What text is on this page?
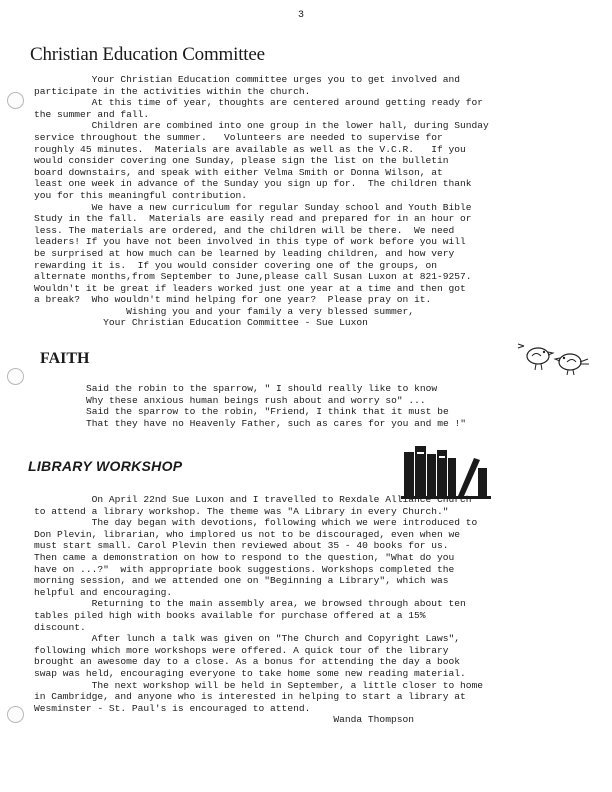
3
Christian Education Committee
Your Christian Education committee urges you to get involved and
participate in the activities within the church.
At this time of year, thoughts are centered around getting ready for
the summer and fall.
Children are combined into one group in the lower hall, during Sunday
service throughout the summer.   Volunteers are needed to supervise for
roughly 45 minutes.  Materials are available as well as the V.C.R.   If you
would consider covering one Sunday, please sign the list on the bulletin
board downstairs, and speak with either Velma Smith or Donna Wilson, at
least one week in advance of the Sunday you sign up for.  The children thank
you for this meaningful contribution.
We have a new curriculum for regular Sunday school and Youth Bible
Study in the fall.  Materials are easily read and prepared for in an hour or
less. The materials are ordered, and the children will be there.  We need
leaders! If you have not been involved in this type of work before you will
be surprised at how much can be learned by leading children, and how very
rewarding it is.  If you would consider covering one of the groups, on
alternate months,from September to June,please call Susan Luxon at 821-9257.
Wouldn't it be great if leaders worked just one year at a time and then got
a break?  Who wouldn't mind helping for one year?  Please pray on it.
Wishing you and your family a very blessed summer,
Your Christian Education Committee - Sue Luxon
FAITH
Said the robin to the sparrow, " I should really like to know
Why these anxious human beings rush about and worry so" ...
Said the sparrow to the robin, "Friend, I think that it must be
That they have no Heavenly Father, such as cares for you and me !"
LIBRARY WORKSHOP
On April 22nd Sue Luxon and I travelled to Rexdale Alliance Church
to attend a library workshop. The theme was "A Library in every Church."
The day began with devotions, following which we were introduced to
Don Plevin, librarian, who implored us not to be discouraged, even when we
must start small. Carol Plevin then reviewed about 35 - 40 books for us.
Then came a demonstration on how to respond to the question, "What do you
have on ...?"  with appropriate book suggestions. Workshops completed the
morning session, and we attended one on "Beginning a Library", which was
helpful and encouraging.
Returning to the main assembly area, we browsed through about ten
tables piled high with books available for purchase offered at a 15%
discount.
After lunch a talk was given on "The Church and Copyright Laws",
following which more workshops were offered. A quick tour of the library
brought an awesome day to a close. As a bonus for attending the day a book
swap was held, encouraging everyone to take home some new reading material.
The next workshop will be held in September, a little closer to home
in Cambridge, and anyone who is interested in helping to start a library at
Wesminster - St. Paul's is encouraged to attend.
Wanda Thompson
